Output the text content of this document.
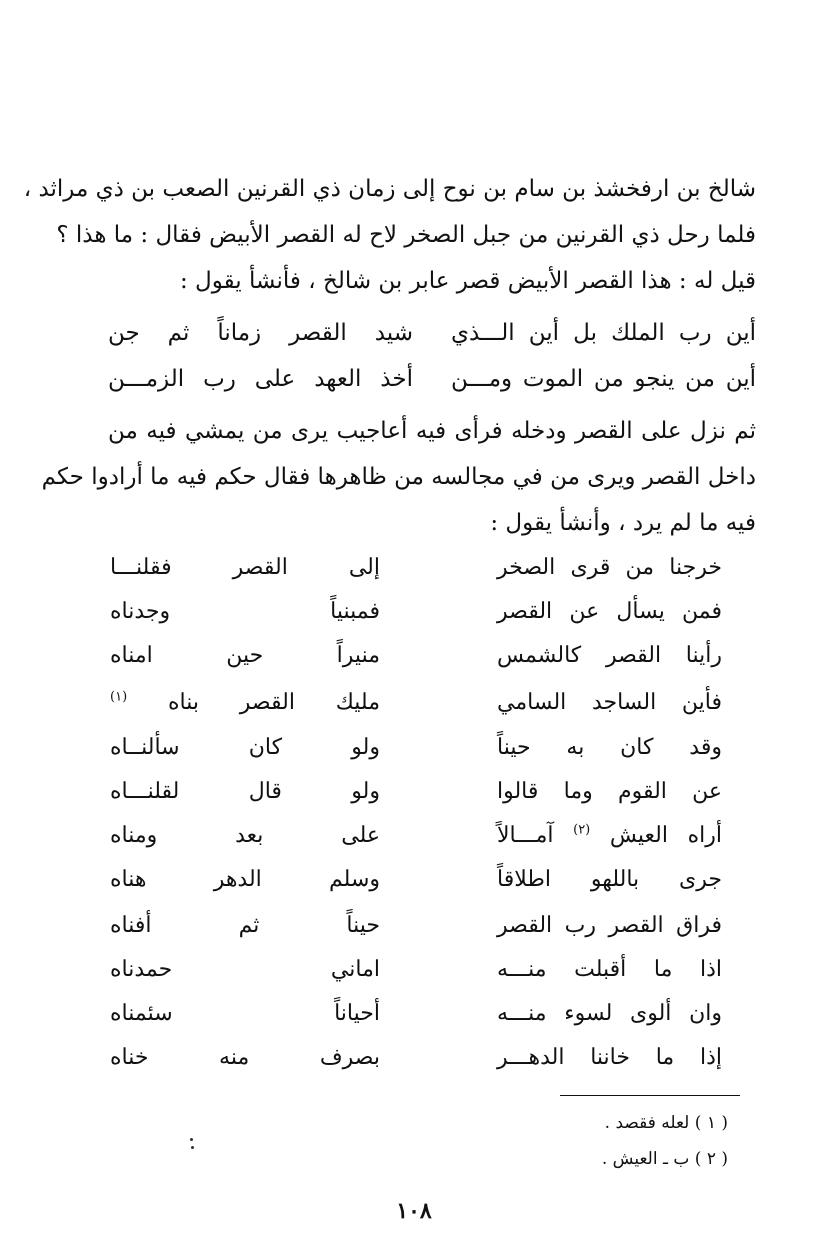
شالخ بن ارفخشذ بن سام بن نوح إلى زمان ذي القرنين الصعب بن ذي مراثد ،
فلما رحل ذي القرنين من جبل الصخر لاح له القصر الأبيض فقال : ما هذا ؟
قيل له : هذا القصر الأبيض قصر عابر بن شالخ ، فأنشأ يقول :
أين رب الملك بل أين الـــذي
شيد القصر زماناً ثم جن
أين من ينجو من الموت ومـــن
أخذ العهد على رب الزمـــن
ثم نزل على القصر ودخله فرأى فيه أعاجيب يرى من يمشي فيه من
داخل القصر ويرى من في مجالسه من ظاهرها فقال حكم فيه ما أرادوا حكم
فيه ما لم يرد ، وأنشأ يقول :
خرجنا من قرى الصخر
إلى القصر فقلنـــا
فمن يسأل عن القصر
فمبنياً وجدناه
رأينا القصر كالشمس
منيراً حين امناه
فأين الساجد السامي
مليك القصر بناه $^{(١)}$
وقد كان به حيناً
ولو كان سألنــاه
عن القوم وما قالوا
ولو قال لقلنـــاه
أراه العيش $^{(٢)}$ آمـــالاً
على بعد ومناه
جرى باللهو اطلاقاً
وسلم الدهر هناه
فراق القصر رب القصر
حيناً ثم أفناه
اذا ما أقبلت منـــه
اماني حمدناه
وان ألوى لسوء منـــه
أحياناً سئمناه
إذا ما خاننا الدهـــر
بصرف منه خناه
( ١ ) لعله فقصد .
( ٢ ) ب ـ العيش .
١٠٨
